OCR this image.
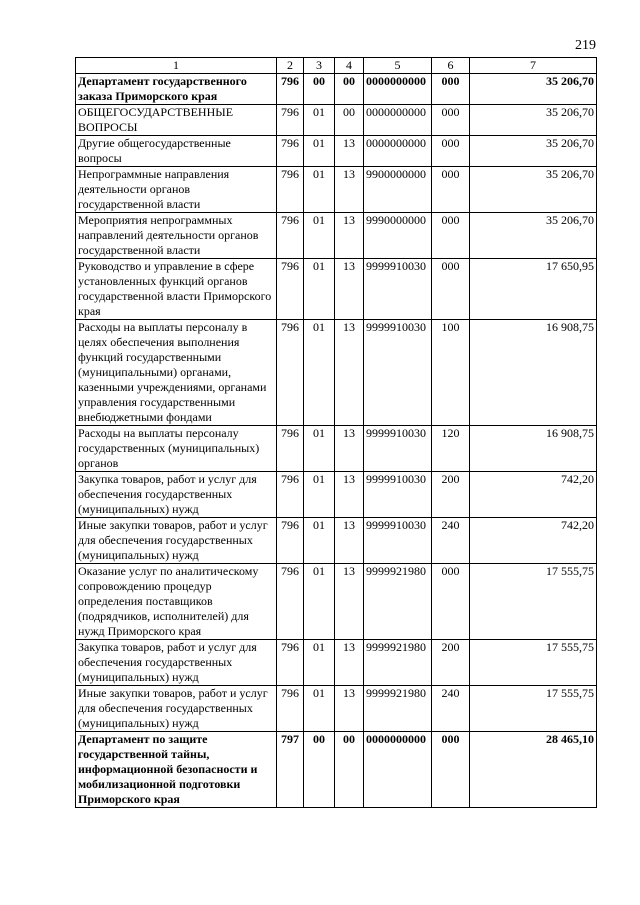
219
1	2	3	4	5	6	7
Департамент государственного заказа Приморского края	796	00	00	0000000000	000	35 206,70
ОБЩЕГОСУДАРСТВЕННЫЕ ВОПРОСЫ	796	01	00	0000000000	000	35 206,70
Другие общегосударственные вопросы	796	01	13	0000000000	000	35 206,70
Непрограммные направления деятельности органов государственной власти	796	01	13	9900000000	000	35 206,70
Мероприятия непрограммных направлений деятельности органов государственной власти	796	01	13	9990000000	000	35 206,70
Руководство и управление в сфере установленных функций органов государственной власти Приморского края	796	01	13	9999910030	000	17 650,95
Расходы на выплаты персоналу в целях обеспечения выполнения функций государственными (муниципальными) органами, казенными учреждениями, органами управления государственными внебюджетными фондами	796	01	13	9999910030	100	16 908,75
Расходы на выплаты персоналу государственных (муниципальных) органов	796	01	13	9999910030	120	16 908,75
Закупка товаров, работ и услуг для обеспечения государственных (муниципальных) нужд	796	01	13	9999910030	200	742,20
Иные закупки товаров, работ и услуг для обеспечения государственных (муниципальных) нужд	796	01	13	9999910030	240	742,20
Оказание услуг по аналитическому сопровождению процедур определения поставщиков (подрядчиков, исполнителей) для нужд Приморского края	796	01	13	9999921980	000	17 555,75
Закупка товаров, работ и услуг для обеспечения государственных (муниципальных) нужд	796	01	13	9999921980	200	17 555,75
Иные закупки товаров, работ и услуг для обеспечения государственных (муниципальных) нужд	796	01	13	9999921980	240	17 555,75
Департамент по защите государственной тайны, информационной безопасности и мобилизационной подготовки Приморского края	797	00	00	0000000000	000	28 465,10
